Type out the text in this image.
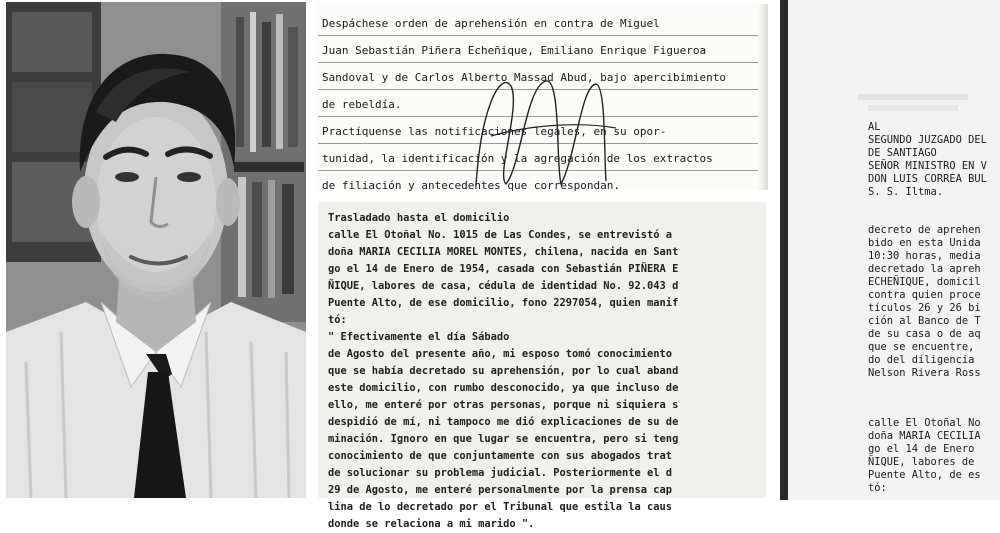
Despáchese orden de aprehensión en contra de Miguel
Juan Sebastián Piñera Echeñique, Emiliano Enrique Figueroa
Sandoval y de Carlos Alberto Massad Abud, bajo apercibimiento
de rebeldía.
Practíquense las notificaciones legales, en su opor-
tunidad, la identificación y la agregación de los extractos
de filiación y antecedentes que correspondan.
Trasladado hasta el domicilio
calle El Otoñal No. 1015 de Las Condes, se entrevistó a
doña MARIA CECILIA MOREL MONTES, chilena, nacida en Sant
go el 14 de Enero de 1954, casada con Sebastián PIÑERA E
ÑIQUE, labores de casa, cédula de identidad No. 92.043 d
Puente Alto, de ese domicilio, fono 2297054, quien manif
tó:
" Efectivamente el día Sábado
de Agosto del presente año, mi esposo tomó conocimiento
que se había decretado su aprehensión, por lo cual aband
este domicilio, con rumbo desconocido, ya que incluso de
ello, me enteré por otras personas, porque ni siquiera s
despidió de mí, ni tampoco me dió explicaciones de su de
minación. Ignoro en que lugar se encuentra, pero si teng
conocimiento de que conjuntamente con sus abogados trat
de solucionar su problema judicial. Posteriormente el d
29 de Agosto, me enteré personalmente por la prensa cap
lina de lo decretado por el Tribunal que estila la caus
donde se relaciona a mi marido ".
AL
SEGUNDO JUZGADO DEL
DE SANTIAGO
SEÑOR MINISTRO EN V
DON LUIS CORREA BUL
S. S. Iltma.
decreto de aprehen
bido en esta Unida
10:30 horas, media
decretado la apreh
ECHEÑIQUE, domicil
contra quien proce
tículos 26 y 26 bi
ción al Banco de T
de su casa o de aq
que se encuentre,
do del diligencia
Nelson Rivera Ross
calle El Otoñal No
doña MARIA CECILIA
go el 14 de Enero
ÑIQUE, labores de
Puente Alto, de es
tó:
